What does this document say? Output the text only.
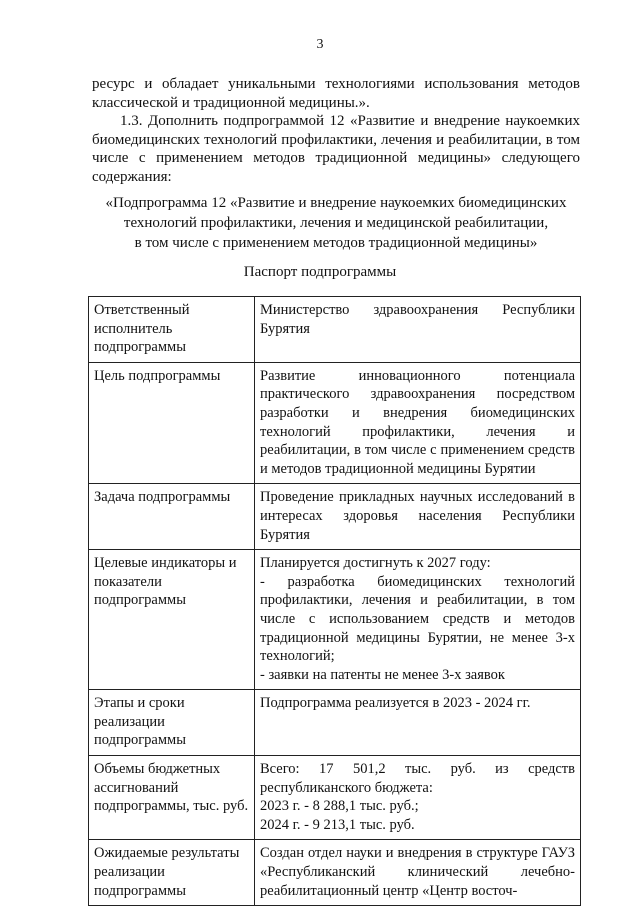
3

ресурс и обладает уникальными технологиями использования методов классической и традиционной медицины.».

1.3. Дополнить подпрограммой 12 «Развитие и внедрение наукоемких биомедицинских технологий профилактики, лечения и реабилитации, в том числе с применением методов традиционной медицины» следующего содержания:

«Подпрограмма 12 «Развитие и внедрение наукоемких биомедицинских
технологий профилактики, лечения и медицинской реабилитации,
в том числе с применением методов традиционной медицины»
Паспорт подпрограммы
Ответственный исполнитель подпрограммы	Министерство здравоохранения Республики Бурятия
Цель подпрограммы	Развитие инновационного потенциала практического здравоохранения посредством разработки и внедрения биомедицинских технологий профилактики, лечения и реабилитации, в том числе с применением средств и методов традиционной медицины Бурятии
Задача подпрограммы	Проведение прикладных научных исследований в интересах здоровья населения Республики Бурятия
Целевые индикаторы и показатели подпрограммы	Планируется достигнуть к 2027 году:
- разработка биомедицинских технологий профилактики, лечения и реабилитации, в том числе с использованием средств и методов традиционной медицины Бурятии, не менее 3-х технологий;
- заявки на патенты не менее 3-х заявок

Этапы и сроки реализации подпрограммы	Подпрограмма реализуется в 2023 - 2024 гг.

Объемы бюджетных
ассигнований
подпрограммы, тыс. руб.	Всего: 17 501,2 тыс. руб. из средств республиканского бюджета:
2023 г. - 8 288,1 тыс. руб.;
2024 г. - 9 213,1 тыс. руб.

Ожидаемые результаты реализации подпрограммы	Создан отдел науки и внедрения в структуре ГАУЗ «Республиканский клинический лечебно-реабилитационный центр «Центр восточ-
